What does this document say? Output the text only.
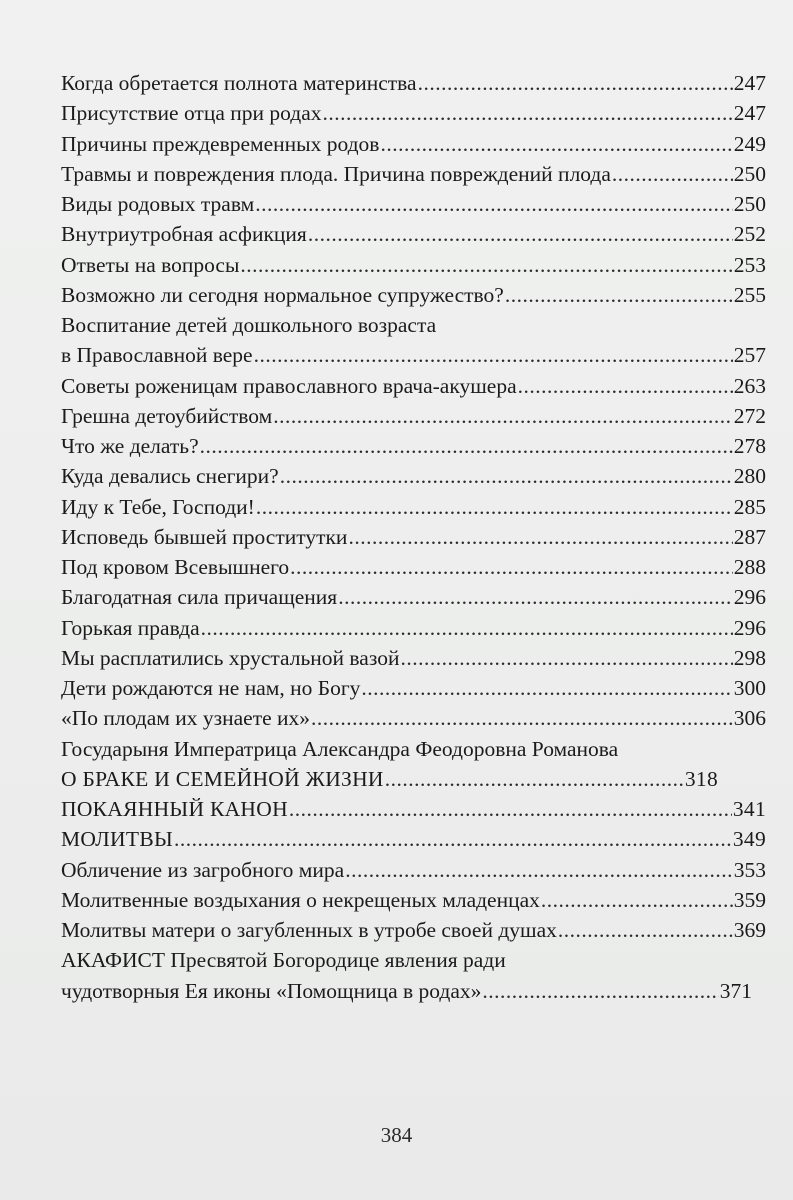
Когда обретается полнота материнства .....	247
Присутствие отца при родах .....	247
Причины преждевременных родов .....	249
Травмы и повреждения плода. Причина повреждений плода .....	250
Виды родовых травм .....	250
Внутриутробная асфикция .....	252
Ответы на вопросы .....	253
Возможно ли сегодня нормальное супружество? .....	255
Воспитание детей дошкольного возраста
в Православной вере .....	257
Советы роженицам православного врача-акушера .....	263
Грешна детоубийством .....	272
Что же делать? .....	278
Куда девались снегири? .....	280
Иду к Тебе, Господи! .....	285
Исповедь бывшей проститутки .....	287
Под кровом Всевышнего .....	288
Благодатная сила причащения .....	296
Горькая правда .....	296
Мы расплатились хрустальной вазой .....	298
Дети рождаются не нам, но Богу .....	300
«По плодам их узнаете их» .....	306
Государыня Императрица Александра Феодоровна Романова
О БРАКЕ И СЕМЕЙНОЙ ЖИЗНИ .....	318
ПОКАЯННЫЙ КАНОН .....	341
МОЛИТВЫ .....	349
Обличение из загробного мира .....	353
Молитвенные воздыхания о некрещеных младенцах .....	359
Молитвы матери о загубленных в утробе своей душах .....	369
АКАФИСТ Пресвятой Богородице явления ради
чудотворныя Ея иконы «Помощница в родах» .....	371
384
